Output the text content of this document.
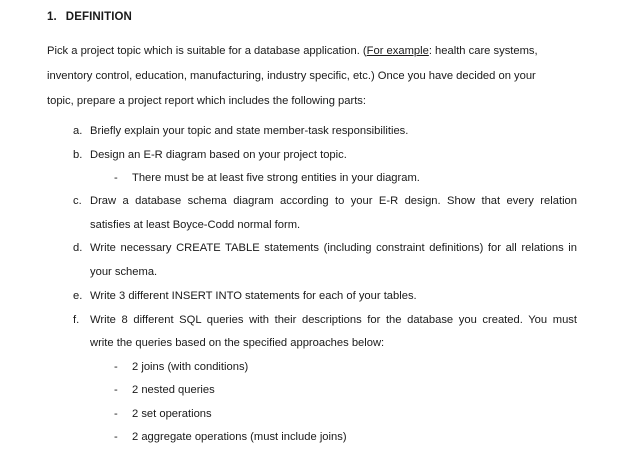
1. DEFINITION
Pick a project topic which is suitable for a database application. (For example: health care systems,
inventory control, education, manufacturing, industry specific, etc.) Once you have decided on your
topic, prepare a project report which includes the following parts:
a. Briefly explain your topic and state member-task responsibilities.
b. Design an E-R diagram based on your project topic.
- There must be at least five strong entities in your diagram.
c. Draw a database schema diagram according to your E-R design. Show that every relation
satisfies at least Boyce-Codd normal form.
d. Write necessary CREATE TABLE statements (including constraint definitions) for all relations in
your schema.
e. Write 3 different INSERT INTO statements for each of your tables.
f. Write 8 different SQL queries with their descriptions for the database you created. You must
write the queries based on the specified approaches below:
- 2 joins (with conditions)
- 2 nested queries
- 2 set operations
- 2 aggregate operations (must include joins)
